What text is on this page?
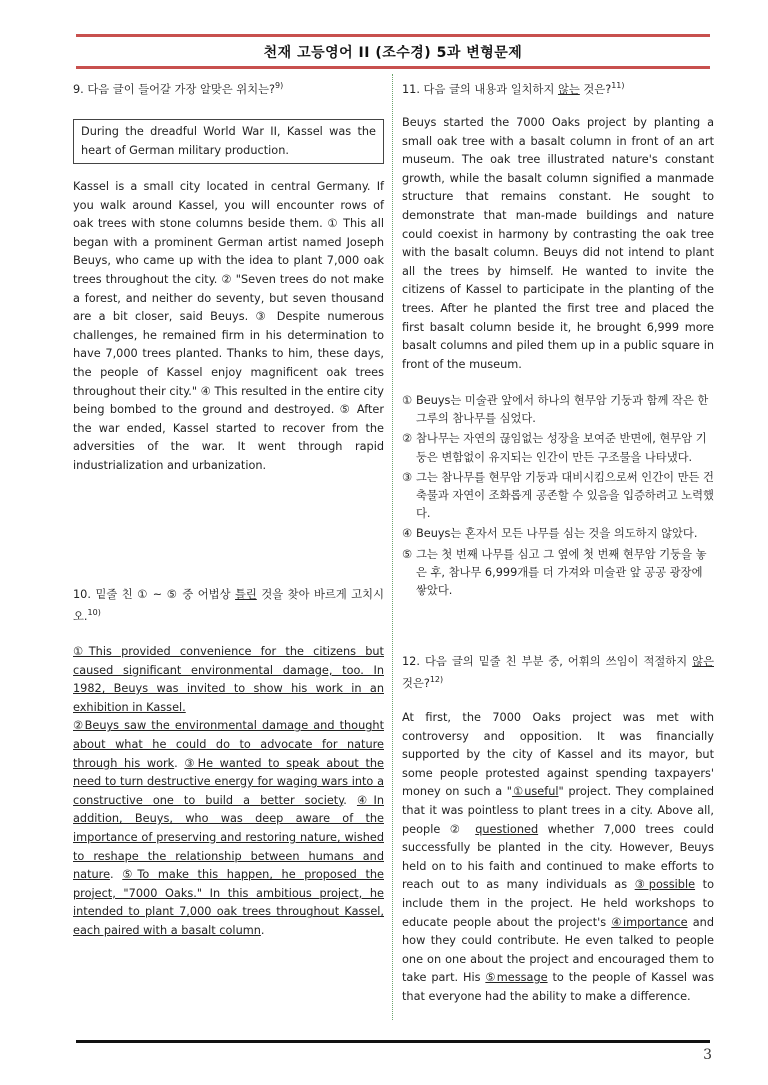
천재 고등영어 II (조수경) 5과 변형문제

9. 다음 글이 들어갈 가장 알맞은 위치는?$^{9)}$

During the dreadful World War II, Kassel was the heart of German military production.

Kassel is a small city located in central Germany. If you walk around Kassel, you will encounter rows of oak trees with stone columns beside them. ① This all began with a prominent German artist named Joseph Beuys, who came up with the idea to plant 7,000 oak trees throughout the city. ② "Seven trees do not make a forest, and neither do seventy, but seven thousand are a bit closer, said Beuys. ③ Despite numerous challenges, he remained firm in his determination to have 7,000 trees planted. Thanks to him, these days, the people of Kassel enjoy magnificent oak trees throughout their city." ④ This resulted in the entire city being bombed to the ground and destroyed. ⑤ After the war ended, Kassel started to recover from the adversities of the war. It went through rapid industrialization and urbanization.

10. 밑줄 친 ① ~ ⑤ 중 어법상 틀린 것을 찾아 바르게 고치시오.$^{10)}$

①This provided convenience for the citizens but caused significant environmental damage, too. In 1982, Beuys was invited to show his work in an exhibition in Kassel.
②Beuys saw the environmental damage and thought about what he could do to advocate for nature through his work. ③He wanted to speak about the need to turn destructive energy for waging wars into a constructive one to build a better society. ④In addition, Beuys, who was deep aware of the importance of preserving and restoring nature, wished to reshape the relationship between humans and nature. ⑤To make this happen, he proposed the project, "7000 Oaks." In this ambitious project, he intended to plant 7,000 oak trees throughout Kassel, each paired with a basalt column.

11. 다음 글의 내용과 일치하지 않는 것은?$^{11)}$

Beuys started the 7000 Oaks project by planting a small oak tree with a basalt column in front of an art museum. The oak tree illustrated nature's constant growth, while the basalt column signified a manmade structure that remains constant. He sought to demonstrate that man-made buildings and nature could coexist in harmony by contrasting the oak tree with the basalt column. Beuys did not intend to plant all the trees by himself. He wanted to invite the citizens of Kassel to participate in the planting of the trees. After he planted the first tree and placed the first basalt column beside it, he brought 6,999 more basalt columns and piled them up in a public square in front of the museum.

① Beuys는 미술관 앞에서 하나의 현무암 기둥과 함께 작은 한 그루의 참나무를 심었다.
② 참나무는 자연의 끊임없는 성장을 보여준 반면에, 현무암 기둥은 변함없이 유지되는 인간이 만든 구조물을 나타냈다.
③ 그는 참나무를 현무암 기둥과 대비시킴으로써 인간이 만든 건축물과 자연이 조화롭게 공존할 수 있음을 입증하려고 노력했다.
④ Beuys는 혼자서 모든 나무를 심는 것을 의도하지 않았다.
⑤ 그는 첫 번째 나무를 심고 그 옆에 첫 번째 현무암 기둥을 놓은 후, 참나무 6,999개를 더 가져와 미술관 앞 공공 광장에 쌓았다.

12. 다음 글의 밑줄 친 부분 중, 어휘의 쓰임이 적절하지 않은 것은?$^{12)}$

At first, the 7000 Oaks project was met with controversy and opposition. It was financially supported by the city of Kassel and its mayor, but some people protested against spending taxpayers' money on such a "①useful" project. They complained that it was pointless to plant trees in a city. Above all, people ② questioned whether 7,000 trees could successfully be planted in the city. However, Beuys held on to his faith and continued to make efforts to reach out to as many individuals as ③possible to include them in the project. He held workshops to educate people about the project's ④importance and how they could contribute. He even talked to people one on one about the project and encouraged them to take part. His ⑤message to the people of Kassel was that everyone had the ability to make a difference.

3
